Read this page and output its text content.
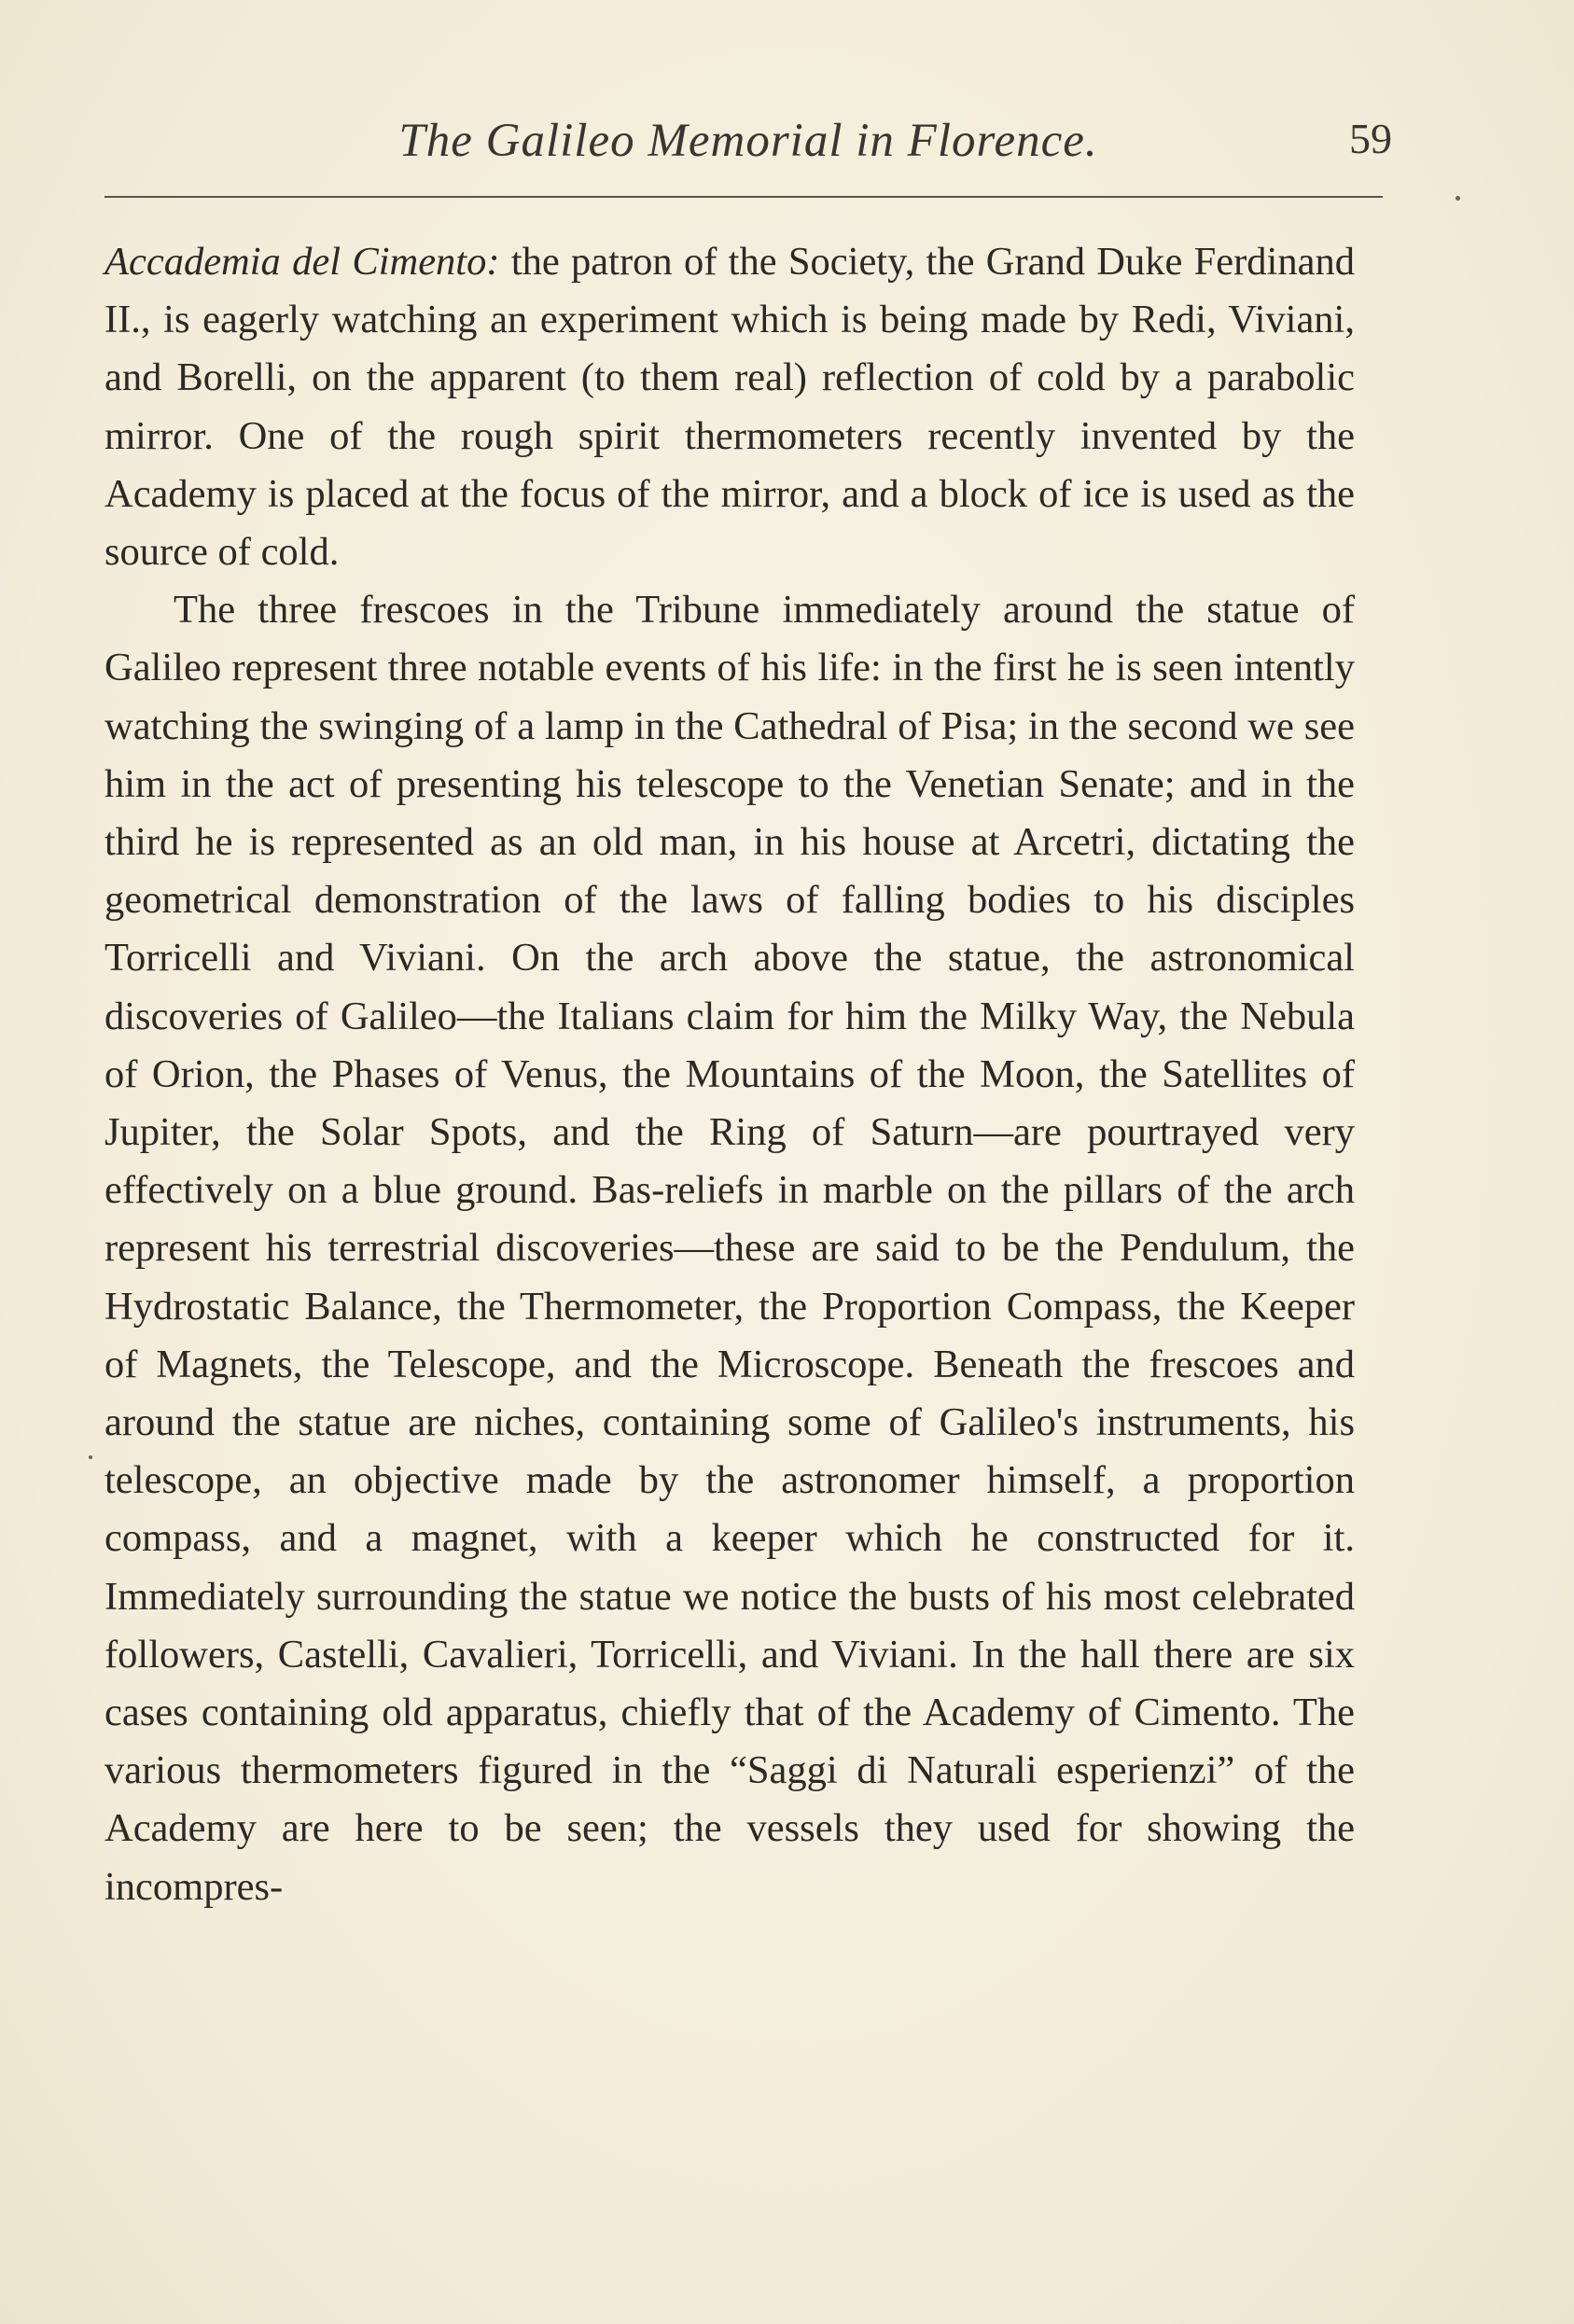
The Galileo Memorial in Florence.	59

Accademia del Cimento: the patron of the Society, the Grand Duke Ferdinand II., is eagerly watching an experiment which is being made by Redi, Viviani, and Borelli, on the apparent (to them real) reflection of cold by a parabolic mirror. One of the rough spirit thermometers recently invented by the Academy is placed at the focus of the mirror, and a block of ice is used as the source of cold.

The three frescoes in the Tribune immediately around the statue of Galileo represent three notable events of his life: in the first he is seen intently watching the swinging of a lamp in the Cathedral of Pisa; in the second we see him in the act of presenting his telescope to the Venetian Senate; and in the third he is represented as an old man, in his house at Arcetri, dictating the geometrical demonstration of the laws of falling bodies to his disciples Torricelli and Viviani. On the arch above the statue, the astronomical discoveries of Galileo—the Italians claim for him the Milky Way, the Nebula of Orion, the Phases of Venus, the Mountains of the Moon, the Satellites of Jupiter, the Solar Spots, and the Ring of Saturn—are pourtrayed very effectively on a blue ground. Bas-reliefs in marble on the pillars of the arch represent his terrestrial discoveries—these are said to be the Pendulum, the Hydrostatic Balance, the Thermometer, the Proportion Compass, the Keeper of Magnets, the Telescope, and the Microscope. Beneath the frescoes and around the statue are niches, containing some of Galileo's instruments, his telescope, an objective made by the astronomer himself, a proportion compass, and a magnet, with a keeper which he constructed for it. Immediately surrounding the statue we notice the busts of his most celebrated followers, Castelli, Cavalieri, Torricelli, and Viviani. In the hall there are six cases containing old apparatus, chiefly that of the Academy of Cimento. The various thermometers figured in the “Saggi di Naturali esperienzi” of the Academy are here to be seen; the vessels they used for showing the incompres-
